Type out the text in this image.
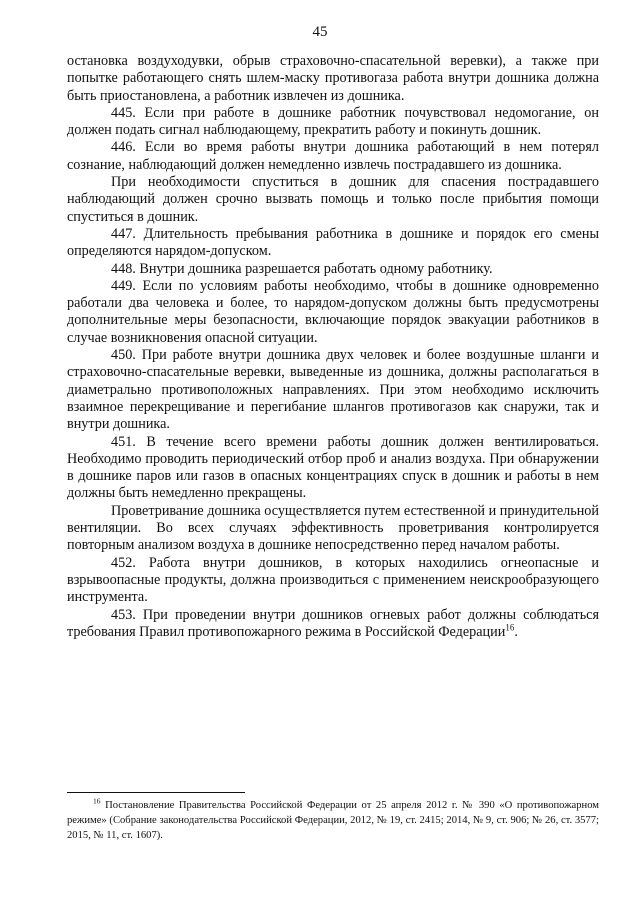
45

остановка воздуходувки, обрыв страховочно-спасательной веревки), а также при попытке работающего снять шлем-маску противогаза работа внутри дошника должна быть приостановлена, а работник извлечен из дошника.

445. Если при работе в дошнике работник почувствовал недомогание, он должен подать сигнал наблюдающему, прекратить работу и покинуть дошник.

446. Если во время работы внутри дошника работающий в нем потерял сознание, наблюдающий должен немедленно извлечь пострадавшего из дошника.

При необходимости спуститься в дошник для спасения пострадавшего наблюдающий должен срочно вызвать помощь и только после прибытия помощи спуститься в дошник.

447. Длительность пребывания работника в дошнике и порядок его смены определяются нарядом-допуском.

448. Внутри дошника разрешается работать одному работнику.

449. Если по условиям работы необходимо, чтобы в дошнике одновременно работали два человека и более, то нарядом-допуском должны быть предусмотрены дополнительные меры безопасности, включающие порядок эвакуации работников в случае возникновения опасной ситуации.

450. При работе внутри дошника двух человек и более воздушные шланги и страховочно-спасательные веревки, выведенные из дошника, должны располагаться в диаметрально противоположных направлениях. При этом необходимо исключить взаимное перекрещивание и перегибание шлангов противогазов как снаружи, так и внутри дошника.

451. В течение всего времени работы дошник должен вентилироваться. Необходимо проводить периодический отбор проб и анализ воздуха. При обнаружении в дошнике паров или газов в опасных концентрациях спуск в дошник и работы в нем должны быть немедленно прекращены.

Проветривание дошника осуществляется путем естественной и принудительной вентиляции. Во всех случаях эффективность проветривания контролируется повторным анализом воздуха в дошнике непосредственно перед началом работы.

452. Работа внутри дошников, в которых находились огнеопасные и взрывоопасные продукты, должна производиться с применением неискрообразующего инструмента.

453. При проведении внутри дошников огневых работ должны соблюдаться требования Правил противопожарного режима в Российской Федерации$^{16}$.

$^{16}$ Постановление Правительства Российской Федерации от 25 апреля 2012 г. № 390 «О противопожарном режиме» (Собрание законодательства Российской Федерации, 2012, № 19, ст. 2415; 2014, № 9, ст. 906; № 26, ст. 3577; 2015, № 11, ст. 1607).
